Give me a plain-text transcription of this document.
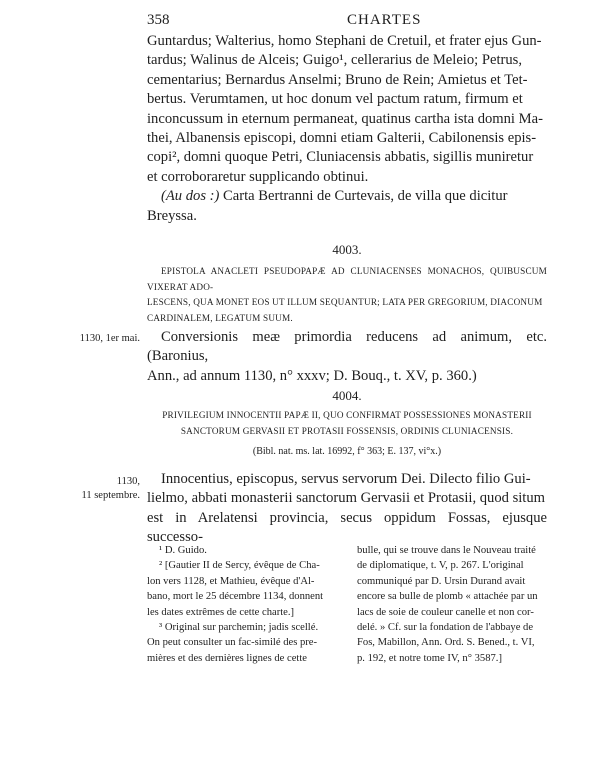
358	CHARTES

Guntardus; Walterius, homo Stephani de Cretuil, et frater ejus Gun-

tardus; Walinus de Alceis; Guigo¹, cellerarius de Meleio; Petrus,

cementarius; Bernardus Anselmi; Bruno de Rein; Amietus et Tet-

bertus. Verumtamen, ut hoc donum vel pactum ratum, firmum et

inconcussum in eternum permaneat, quatinus cartha ista domni Ma-

thei, Albanensis episcopi, domni etiam Galterii, Cabilonensis epis-

copi², domni quoque Petri, Cluniacensis abbatis, sigillis muniretur

et corroboraretur supplicando obtinui.

(Au dos :) Carta Bertranni de Curtevais, de villa que dicitur Breyssa.

4003.
EPISTOLA ANACLETI PSEUDOPAPÆ AD CLUNIACENSES MONACHOS, QUIBUSCUM VIXERAT ADO-
LESCENS, QUA MONET EOS UT ILLUM SEQUANTUR; LATA PER GREGORIUM, DIACONUM
CARDINALEM, LEGATUM SUUM.
1130, 1er mai.	Conversionis meæ primordia reducens ad animum, etc. (Baronius,

Ann., ad annum 1130, n° xxxv; D. Bouq., t. XV, p. 360.)

4004.
PRIVILEGIUM INNOCENTII PAPÆ II, QUO CONFIRMAT POSSESSIONES MONASTERII
SANCTORUM GERVASII ET PROTASII FOSSENSIS, ORDINIS CLUNIACENSIS.
(Bibl. nat. ms. lat. 16992, f° 363; E. 137, vi°x.)
1130,
11 septembre.

Innocentius, episcopus, servus servorum Dei. Dilecto filio Gui-

lielmo, abbati monasterii sanctorum Gervasii et Protasii, quod situm

est in Arelatensi provincia, secus oppidum Fossas, ejusque successo-

¹ D. Guido.

² [Gautier II de Sercy, évêque de Cha-

lon vers 1128, et Mathieu, évêque d'Al-

bano, mort le 25 décembre 1134, donnent

les dates extrêmes de cette charte.]

³ Original sur parchemin; jadis scellé.

On peut consulter un fac-similé des pre-

mières et des dernières lignes de cette

bulle, qui se trouve dans le Nouveau traité

de diplomatique, t. V, p. 267. L'original

communiqué par D. Ursin Durand avait

encore sa bulle de plomb « attachée par un

lacs de soie de couleur canelle et non cor-

delé. » Cf. sur la fondation de l'abbaye de

Fos, Mabillon, Ann. Ord. S. Bened., t. VI,

p. 192, et notre tome IV, n° 3587.]
